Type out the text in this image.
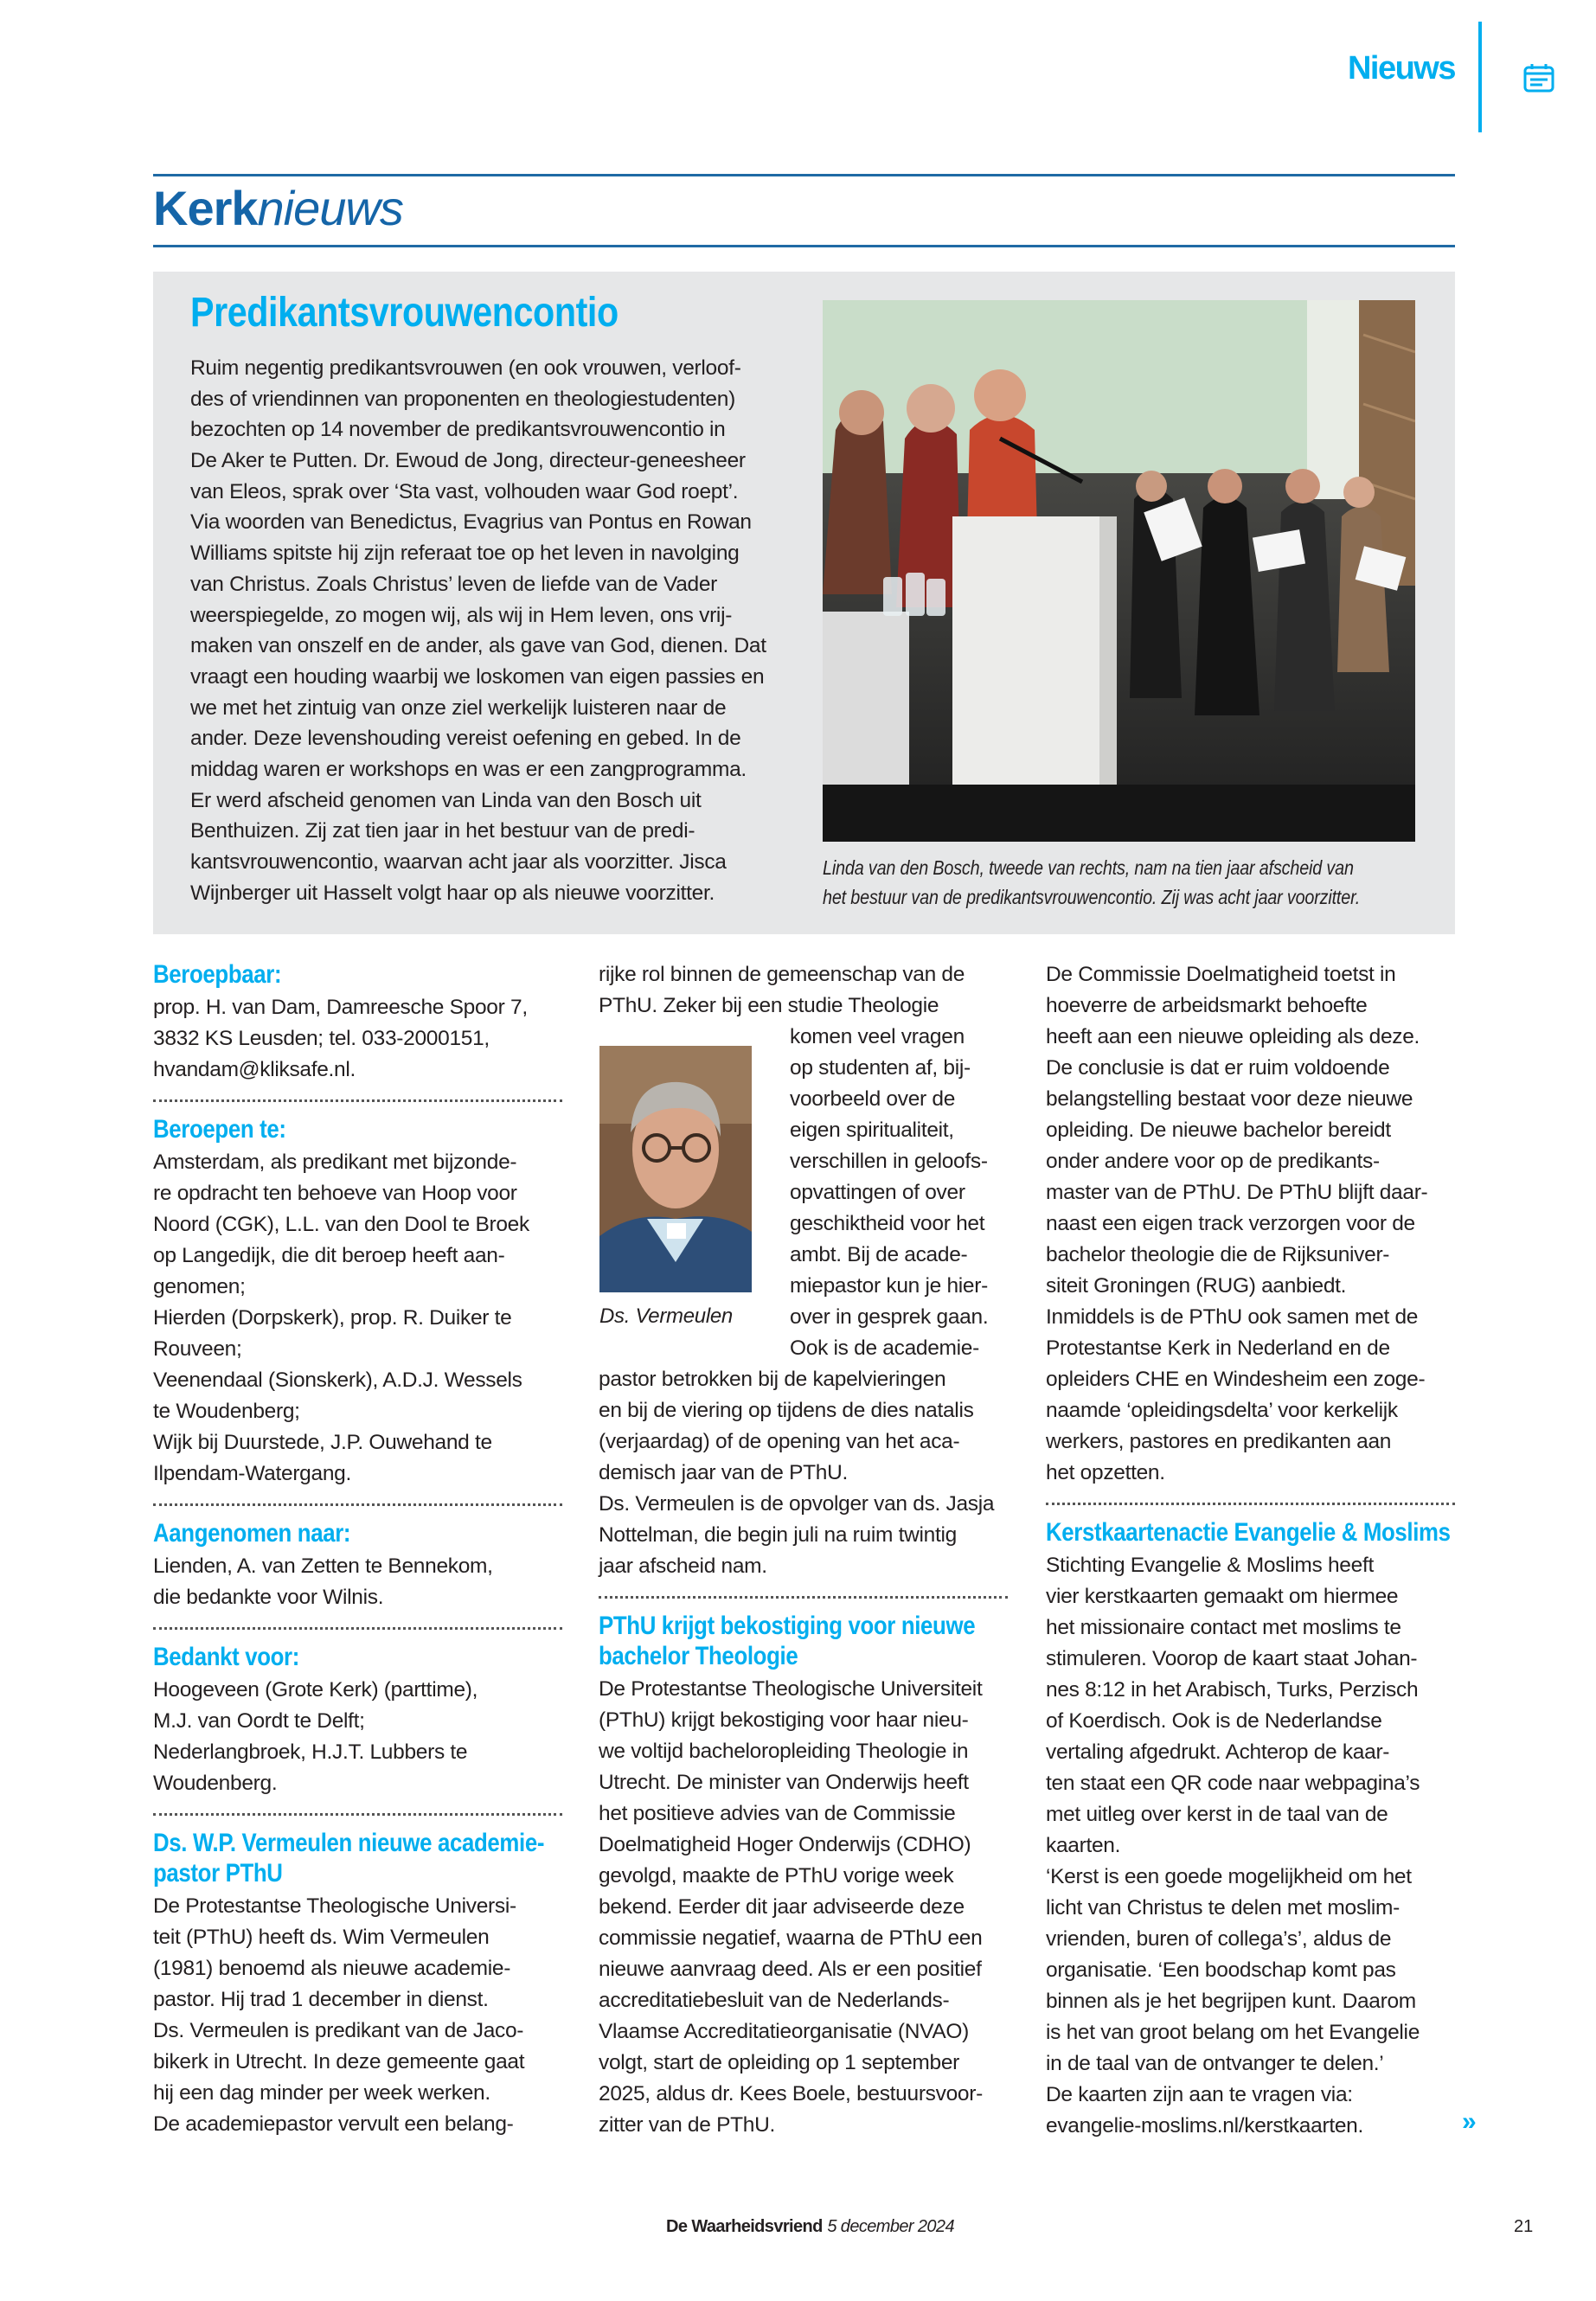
Nieuws
Kerknieuws
Predikantsvrouwencontio
Ruim negentig predikantsvrouwen (en ook vrouwen, verloof-
des of vriendinnen van proponenten en theologiestudenten)
bezochten op 14 november de predikantsvrouwencontio in
De Aker te Putten. Dr. Ewoud de Jong, directeur-geneesheer
van Eleos, sprak over ‘Sta vast, volhouden waar God roept’.
Via woorden van Benedictus, Evagrius van Pontus en Rowan
Williams spitste hij zijn referaat toe op het leven in navolging
van Christus. Zoals Christus’ leven de liefde van de Vader
weerspiegelde, zo mogen wij, als wij in Hem leven, ons vrij-
maken van onszelf en de ander, als gave van God, dienen. Dat
vraagt een houding waarbij we loskomen van eigen passies en
we met het zintuig van onze ziel werkelijk luisteren naar de
ander. Deze levenshouding vereist oefening en gebed. In de
middag waren er workshops en was er een zangprogramma.
Er werd afscheid genomen van Linda van den Bosch uit
Benthuizen. Zij zat tien jaar in het bestuur van de predi-
kantsvrouwencontio, waarvan acht jaar als voorzitter. Jisca
Wijnberger uit Hasselt volgt haar op als nieuwe voorzitter.
Linda van den Bosch, tweede van rechts, nam na tien jaar afscheid van
het bestuur van de predikantsvrouwencontio. Zij was acht jaar voorzitter.
Beroepbaar:
prop. H. van Dam, Damreesche Spoor 7,
3832 KS Leusden; tel. 033-2000151,
hvandam@kliksafe.nl.
Beroepen te:
Amsterdam, als predikant met bijzonde-
re opdracht ten behoeve van Hoop voor
Noord (CGK), L.L. van den Dool te Broek
op Langedijk, die dit beroep heeft aan-
genomen;
Hierden (Dorpskerk), prop. R. Duiker te
Rouveen;
Veenendaal (Sionskerk), A.D.J. Wessels
te Woudenberg;
Wijk bij Duurstede, J.P. Ouwehand te
Ilpendam-Watergang.
Aangenomen naar:
Lienden, A. van Zetten te Bennekom,
die bedankte voor Wilnis.
Bedankt voor:
Hoogeveen (Grote Kerk) (parttime),
M.J. van Oordt te Delft;
Nederlangbroek, H.J.T. Lubbers te
Woudenberg.
Ds. W.P. Vermeulen nieuwe academie-
pastor PThU
De Protestantse Theologische Universi-
teit (PThU) heeft ds. Wim Vermeulen
(1981) benoemd als nieuwe academie-
pastor. Hij trad 1 december in dienst.
Ds. Vermeulen is predikant van de Jaco-
bikerk in Utrecht. In deze gemeente gaat
hij een dag minder per week werken.
De academiepastor vervult een belang-
rijke rol binnen de gemeenschap van de
PThU. Zeker bij een studie Theologie
Ds. Vermeulen
komen veel vragen
op studenten af, bij-
voorbeeld over de
eigen spiritualiteit,
verschillen in geloofs-
opvattingen of over
geschiktheid voor het
ambt. Bij de acade-
miepastor kun je hier-
over in gesprek gaan.
Ook is de academie-
pastor betrokken bij de kapelvieringen
en bij de viering op tijdens de dies natalis
(verjaardag) of de opening van het aca-
demisch jaar van de PThU.
Ds. Vermeulen is de opvolger van ds. Jasja
Nottelman, die begin juli na ruim twintig
jaar afscheid nam.
PThU krijgt bekostiging voor nieuwe
bachelor Theologie
De Protestantse Theologische Universiteit
(PThU) krijgt bekostiging voor haar nieu-
we voltijd bacheloropleiding Theologie in
Utrecht. De minister van Onderwijs heeft
het positieve advies van de Commissie
Doelmatigheid Hoger Onderwijs (CDHO)
gevolgd, maakte de PThU vorige week
bekend. Eerder dit jaar adviseerde deze
commissie negatief, waarna de PThU een
nieuwe aanvraag deed. Als er een positief
accreditatiebesluit van de Nederlands-
Vlaamse Accreditatieorganisatie (NVAO)
volgt, start de opleiding op 1 september
2025, aldus dr. Kees Boele, bestuursvoor-
zitter van de PThU.
De Commissie Doelmatigheid toetst in
hoeverre de arbeidsmarkt behoefte
heeft aan een nieuwe opleiding als deze.
De conclusie is dat er ruim voldoende
belangstelling bestaat voor deze nieuwe
opleiding. De nieuwe bachelor bereidt
onder andere voor op de predikants-
master van de PThU. De PThU blijft daar-
naast een eigen track verzorgen voor de
bachelor theologie die de Rijksuniver-
siteit Groningen (RUG) aanbiedt.
Inmiddels is de PThU ook samen met de
Protestantse Kerk in Nederland en de
opleiders CHE en Windesheim een zoge-
naamde ‘opleidingsdelta’ voor kerkelijk
werkers, pastores en predikanten aan
het opzetten.
Kerstkaartenactie Evangelie & Moslims
Stichting Evangelie & Moslims heeft
vier kerstkaarten gemaakt om hiermee
het missionaire contact met moslims te
stimuleren. Voorop de kaart staat Johan-
nes 8:12 in het Arabisch, Turks, Perzisch
of Koerdisch. Ook is de Nederlandse
vertaling afgedrukt. Achterop de kaar-
ten staat een QR code naar webpagina’s
met uitleg over kerst in de taal van de
kaarten.
‘Kerst is een goede mogelijkheid om het
licht van Christus te delen met moslim-
vrienden, buren of collega’s’, aldus de
organisatie. ‘Een boodschap komt pas
binnen als je het begrijpen kunt. Daarom
is het van groot belang om het Evangelie
in de taal van de ontvanger te delen.’
De kaarten zijn aan te vragen via:
evangelie-moslims.nl/kerstkaarten.	»
De Waarheidsvriend 5 december 2024	21
